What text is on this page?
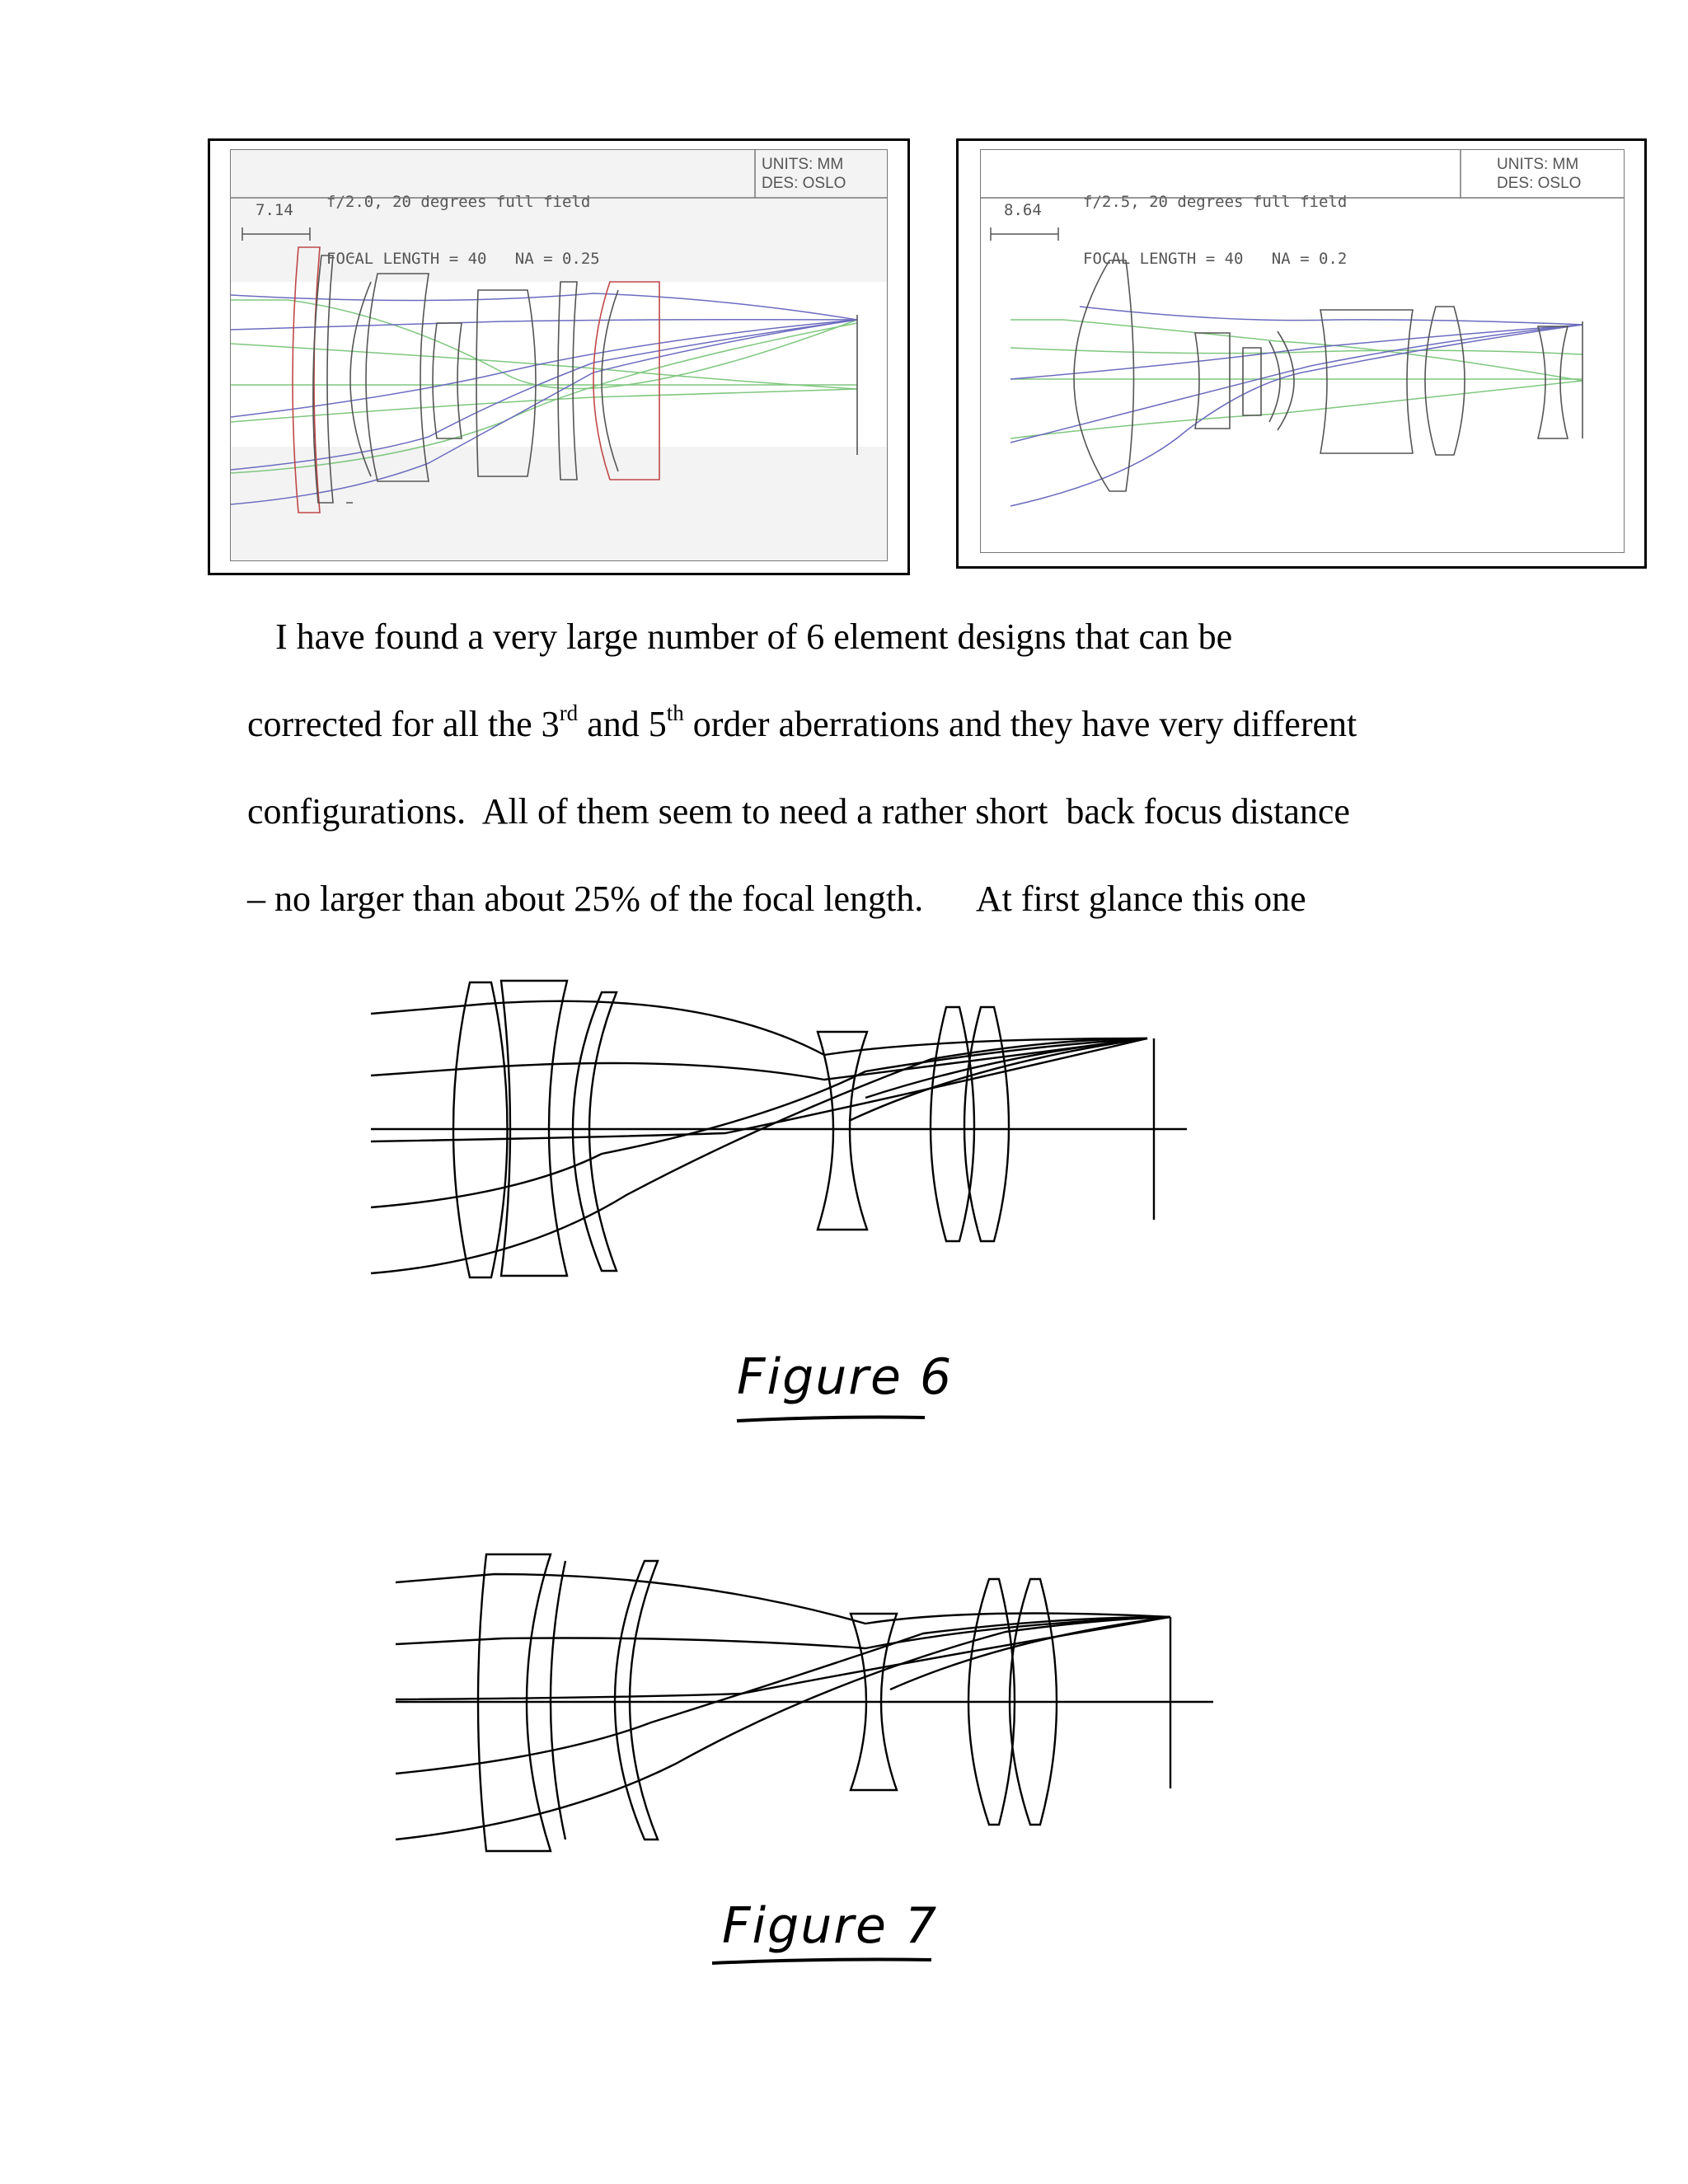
f/2.0, 20 degrees full field

FOCAL LENGTH = 40   NA = 0.25

UNITS: MM
DES: OSLO
7.14

	f/2.5, 20 degrees full field

FOCAL LENGTH = 40   NA = 0.2

UNITS: MM
DES: OSLO
8.64
I have found a very large number of 6 element designs that can be
corrected for all the 3rd and 5th order aberrations and they have very different
configurations.  All of them seem to need a rather short  back focus distance
– no larger than about 25% of the focal length.      At first glance this one
Figure 6
Figure 7
